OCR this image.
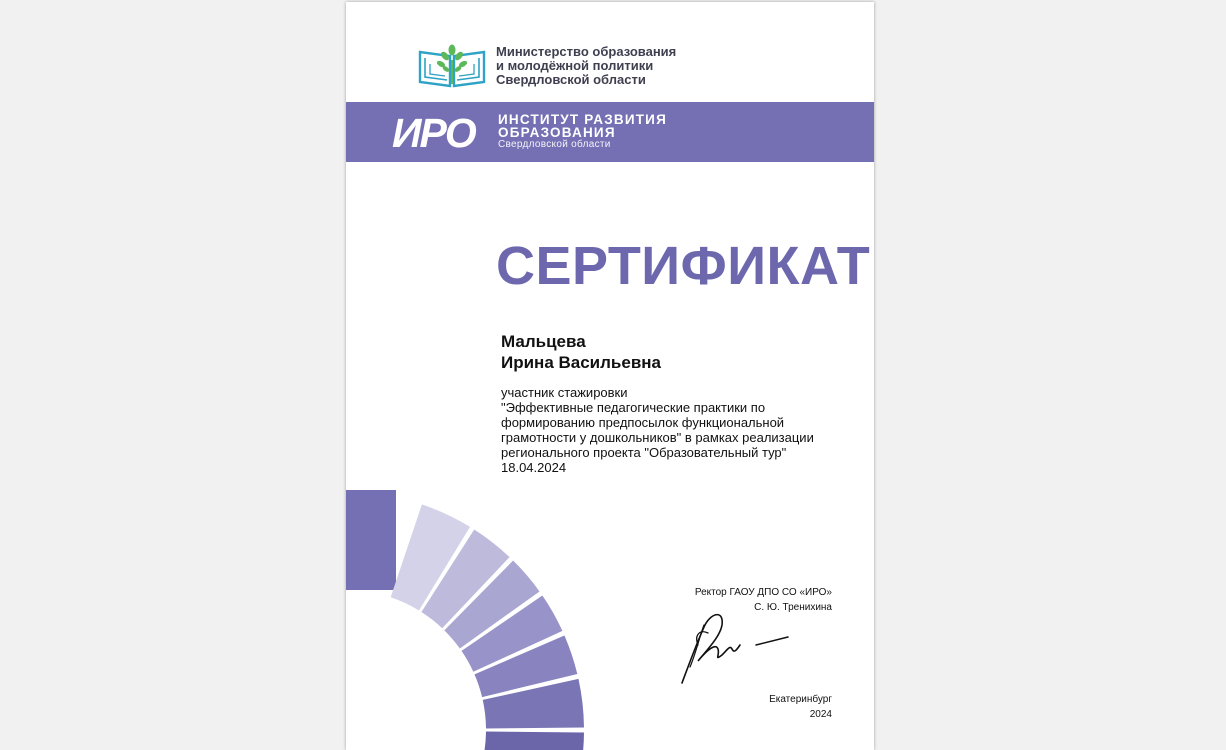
Министерство образования
и молодёжной политики
Свердловской области
ИРО ИНСТИТУТ РАЗВИТИЯ
ОБРАЗОВАНИЯ
Свердловской области
СЕРТИФИКАТ
Мальцева
Ирина Васильевна
участник стажировки
"Эффективные педагогические практики по
формированию предпосылок функциональной
грамотности у дошкольников" в рамках реализации
регионального проекта "Образовательный тур"
18.04.2024
Ректор ГАОУ ДПО СО «ИРО»
С. Ю. Тренихина
Екатеринбург
2024
